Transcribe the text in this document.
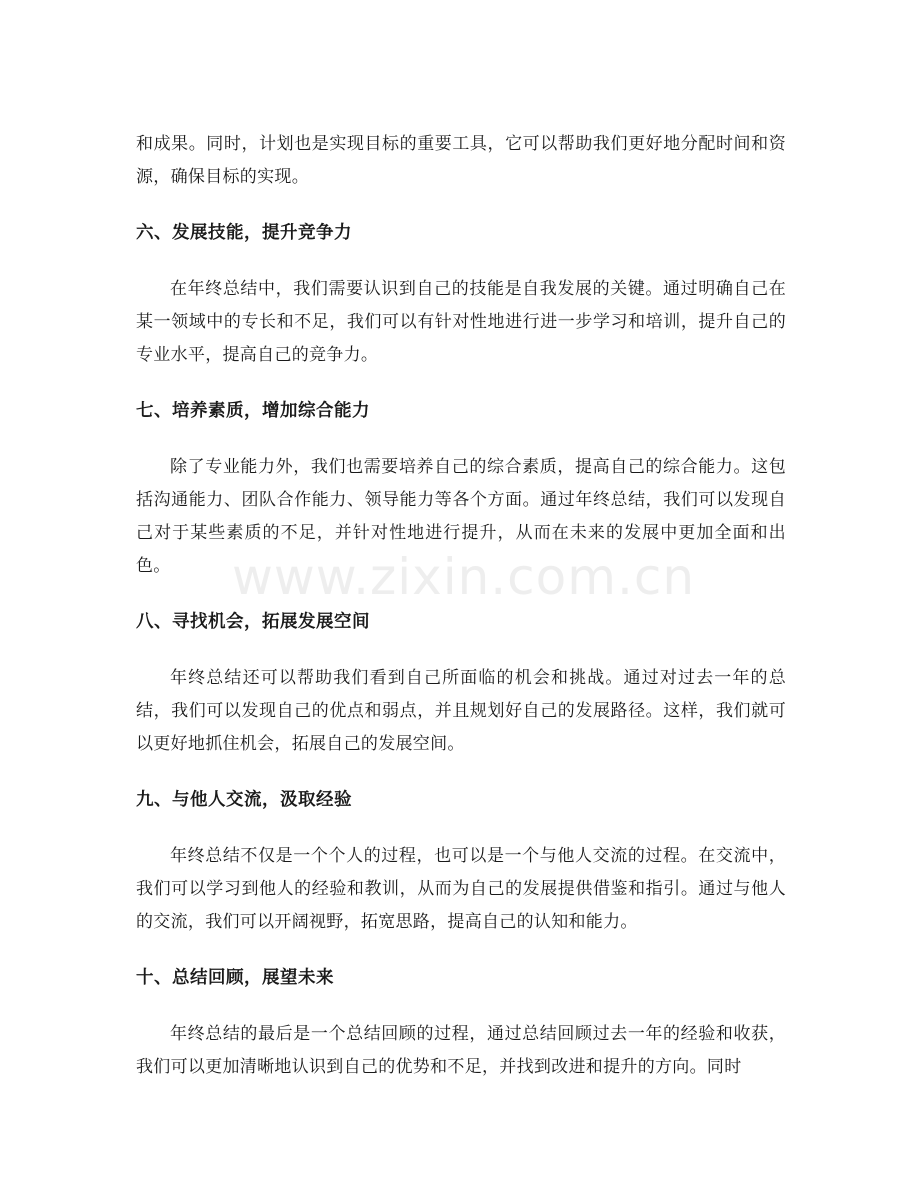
www.zixin.com.cn

和成果。同时，计划也是实现目标的重要工具，它可以帮助我们更好地分配时间和资源，确保目标的实现。

六、发展技能，提升竞争力

在年终总结中，我们需要认识到自己的技能是自我发展的关键。通过明确自己在某一领域中的专长和不足，我们可以有针对性地进行进一步学习和培训，提升自己的专业水平，提高自己的竞争力。

七、培养素质，增加综合能力

除了专业能力外，我们也需要培养自己的综合素质，提高自己的综合能力。这包括沟通能力、团队合作能力、领导能力等各个方面。通过年终总结，我们可以发现自己对于某些素质的不足，并针对性地进行提升，从而在未来的发展中更加全面和出色。

八、寻找机会，拓展发展空间

年终总结还可以帮助我们看到自己所面临的机会和挑战。通过对过去一年的总结，我们可以发现自己的优点和弱点，并且规划好自己的发展路径。这样，我们就可以更好地抓住机会，拓展自己的发展空间。

九、与他人交流，汲取经验

年终总结不仅是一个个人的过程，也可以是一个与他人交流的过程。在交流中，我们可以学习到他人的经验和教训，从而为自己的发展提供借鉴和指引。通过与他人的交流，我们可以开阔视野，拓宽思路，提高自己的认知和能力。

十、总结回顾，展望未来

年终总结的最后是一个总结回顾的过程，通过总结回顾过去一年的经验和收获，我们可以更加清晰地认识到自己的优势和不足，并找到改进和提升的方向。同时
